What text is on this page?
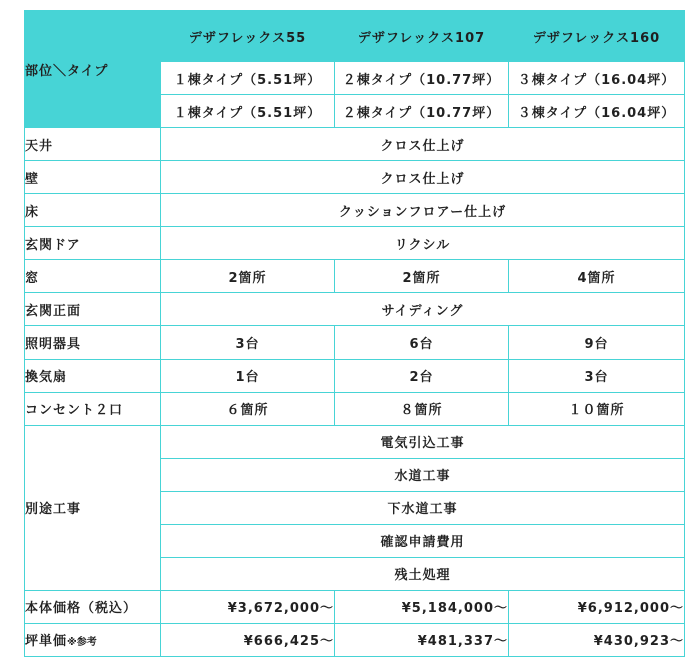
部位＼タイプ	デザフレックス55	デザフレックス107	デザフレックス160
	１棟タイプ（5.51坪）	２棟タイプ（10.77坪）	３棟タイプ（16.04坪）
	１棟タイプ（5.51坪）	２棟タイプ（10.77坪）	３棟タイプ（16.04坪）
天井	クロス仕上げ		
壁	クロス仕上げ		
床	クッションフロアー仕上げ		
玄関ドア	リクシル		
窓	2箇所	2箇所	4箇所
玄関正面	サイディング		
照明器具	3台	6台	9台
換気扇	1台	2台	3台
コンセント２口	６箇所	８箇所	１０箇所
別途工事	電気引込工事		
	水道工事		
	下水道工事		
	確認申請費用		
	残土処理		
本体価格（税込）	¥3,672,000～	¥5,184,000～	¥6,912,000～
坪単価※参考	¥666,425～	¥481,337～	¥430,923～
